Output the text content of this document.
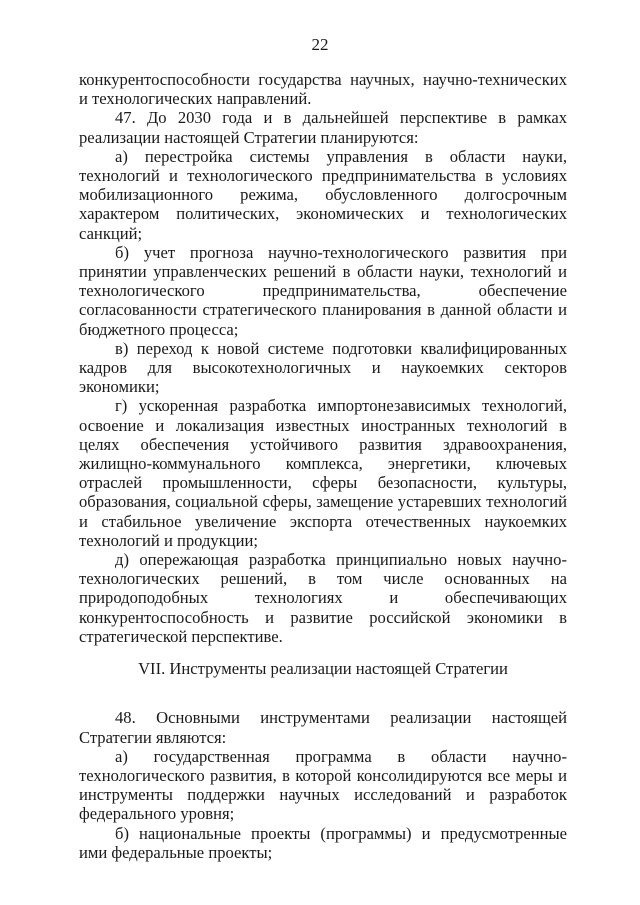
22

конкурентоспособности государства научных, научно-технических и технологических направлений.

47. До 2030 года и в дальнейшей перспективе в рамках реализации настоящей Стратегии планируются:

а) перестройка системы управления в области науки, технологий и технологического предпринимательства в условиях мобилизационного режима, обусловленного долгосрочным характером политических, экономических и технологических санкций;

б) учет прогноза научно-технологического развития при принятии управленческих решений в области науки, технологий и технологического предпринимательства, обеспечение согласованности стратегического планирования в данной области и бюджетного процесса;

в) переход к новой системе подготовки квалифицированных кадров для высокотехнологичных и наукоемких секторов экономики;

г) ускоренная разработка импортонезависимых технологий, освоение и локализация известных иностранных технологий в целях обеспечения устойчивого развития здравоохранения, жилищно-коммунального комплекса, энергетики, ключевых отраслей промышленности, сферы безопасности, культуры, образования, социальной сферы, замещение устаревших технологий и стабильное увеличение экспорта отечественных наукоемких технологий и продукции;

д) опережающая разработка принципиально новых научно-технологических решений, в том числе основанных на природоподобных технологиях и обеспечивающих конкурентоспособность и развитие российской экономики в стратегической перспективе.

VII. Инструменты реализации настоящей Стратегии

48. Основными инструментами реализации настоящей Стратегии являются:

а) государственная программа в области научно-технологического развития, в которой консолидируются все меры и инструменты поддержки научных исследований и разработок федерального уровня;

б) национальные проекты (программы) и предусмотренные ими федеральные проекты;
